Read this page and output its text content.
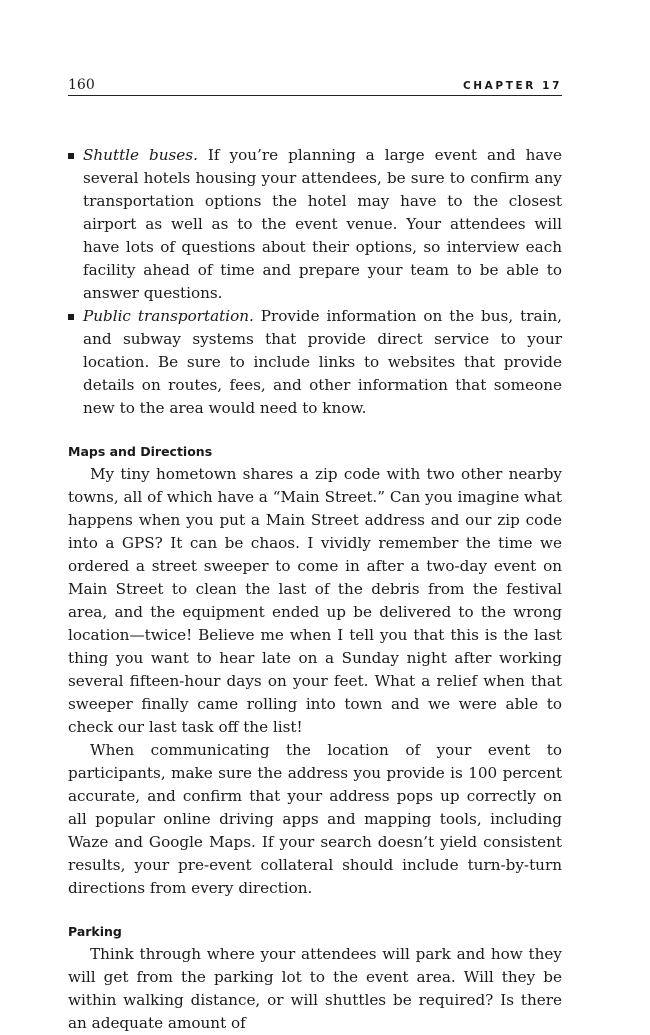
160	CHAPTER 17
Shuttle buses. If you’re planning a large event and have several hotels housing your attendees, be sure to confirm any transportation options the hotel may have to the closest airport as well as to the event venue. Your attendees will have lots of questions about their options, so interview each facility ahead of time and prepare your team to be able to answer questions.
Public transportation. Provide information on the bus, train, and subway systems that provide direct service to your location. Be sure to include links to websites that provide details on routes, fees, and other information that someone new to the area would need to know.
Maps and Directions

My tiny hometown shares a zip code with two other nearby towns, all of which have a “Main Street.” Can you imagine what happens when you put a Main Street address and our zip code into a GPS? It can be chaos. I vividly remember the time we ordered a street sweeper to come in after a two-day event on Main Street to clean the last of the debris from the festival area, and the equipment ended up be delivered to the wrong location—twice! Believe me when I tell you that this is the last thing you want to hear late on a Sunday night after working several fifteen-hour days on your feet. What a relief when that sweeper finally came rolling into town and we were able to check our last task off the list!

When communicating the location of your event to participants, make sure the address you provide is 100 percent accurate, and confirm that your address pops up correctly on all popular online driving apps and mapping tools, including Waze and Google Maps. If your search doesn’t yield consistent results, your pre-event collateral should include turn-by-turn directions from every direction.

Parking

Think through where your attendees will park and how they will get from the parking lot to the event area. Will they be within walking distance, or will shuttles be required? Is there an adequate amount of
